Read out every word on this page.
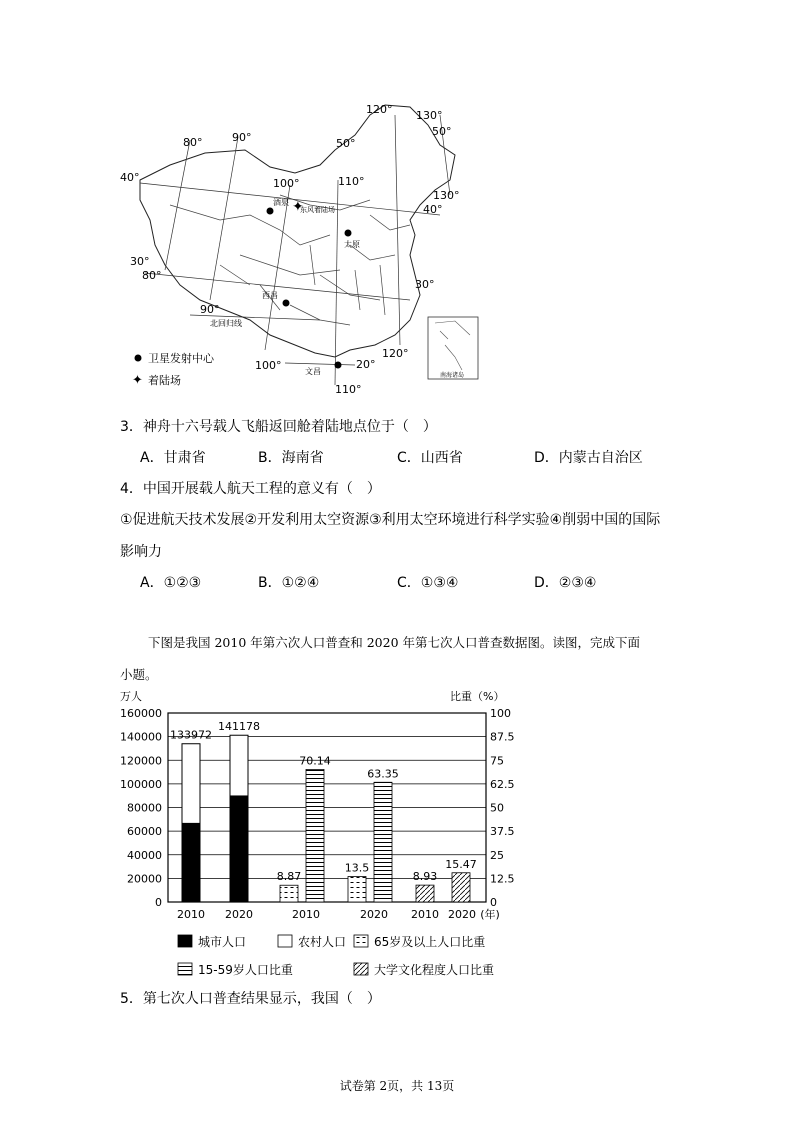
南海诸岛
酒泉 ✦
东风着陆场
太原
西昌
文昌
北回归线
80°	90°
100°	110°
120° 130°
100°
110°
120°
90°
80°
40°
30°
50°
40°
30°
20°
130°
50°
卫星发射中心
✦ 着陆场
3．神舟十六号载人飞船返回舱着陆地点位于（　）
A．甘肃省	B．海南省	C．山西省	D．内蒙古自治区
4．中国开展载人航天工程的意义有（　）
①促进航天技术发展②开发利用太空资源③利用太空环境进行科学实验④削弱中国的国际
影响力
A．①②③	B．①②④	C．①③④	D．②③④
下图是我国 2010 年第六次人口普查和 2020 年第七次人口普查数据图。读图，完成下面
小题。
万人	比重（%）
160000
140000
120000
100000
80000
60000
40000
20000
0
100
87.5
75
62.5
50
37.5
25
12.5
0
133972
141178
8.87
70.14
13.5
63.35
8.93
15.47
2010 2020	2010	2020 2010 2020 (年)
城市人口	农村人口 65岁及以上人口比重
15-59岁人口比重	大学文化程度人口比重
5．第七次人口普查结果显示，我国（　）
试卷第 2页，共 13页
